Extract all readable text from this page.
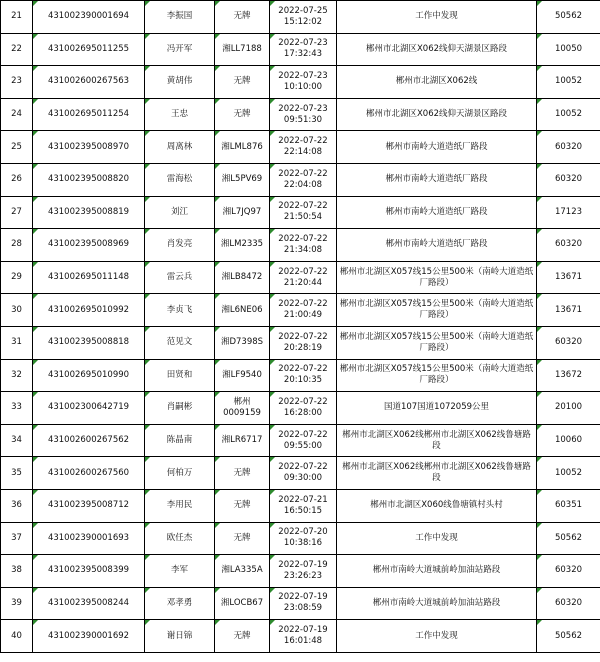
21	431002390001694	李振国	无牌	2022-07-25
15:12:02	工作中发现	50562
22	431002695011255	冯开军	湘LL7188	2022-07-23
17:32:43	郴州市北湖区X062线仰天湖景区路段	10050
23	431002600267563	黄胡伟	无牌	2022-07-23
10:10:00	郴州市北湖区X062线	10052
24	431002695011254	王忠	无牌	2022-07-23
09:51:30	郴州市北湖区X062线仰天湖景区路段	10052
25	431002395008970	周离林	湘LML876	2022-07-22
22:14:08	郴州市南岭大道造纸厂路段	60320
26	431002395008820	雷海松	湘L5PV69	2022-07-22
22:04:08	郴州市南岭大道造纸厂路段	60320
27	431002395008819	刘江	湘L7JQ97	2022-07-22
21:50:54	郴州市南岭大道造纸厂路段	17123
28	431002395008969	肖发亮	湘LM2335	2022-07-22
21:34:08	郴州市南岭大道造纸厂路段	60320
29	431002695011148	雷云兵	湘LB8472	2022-07-22
21:20:44	郴州市北湖区X057线15公里500米（南岭大道造纸厂路段）	13671
30	431002695010992	李贞飞	湘L6NE06	2022-07-22
21:00:49	郴州市北湖区X057线15公里500米（南岭大道造纸厂路段）	13671
31	431002395008818	范见文	湘D7398S	2022-07-22
20:28:19	郴州市北湖区X057线15公里500米（南岭大道造纸厂路段）	60320
32	431002695010990	田贤和	湘LF9540	2022-07-22
20:10:35	郴州市北湖区X057线15公里500米（南岭大道造纸厂路段）	13672
33	431002300642719	肖嗣彬	郴州0009159	2022-07-22
16:28:00	国道107国道1072059公里	20100
34	431002600267562	陈晶南	湘LR6717	2022-07-22
09:55:00	郴州市北湖区X062线郴州市北湖区X062线鲁塘路段	10060
35	431002600267560	何柏万	无牌	2022-07-22
09:30:00	郴州市北湖区X062线郴州市北湖区X062线鲁塘路段	10052
36	431002395008712	李用民	无牌	2022-07-21
16:50:15	郴州市北湖区X060线鲁塘镇村头村	60351
37	431002390001693	欧任杰	无牌	2022-07-20
10:38:16	工作中发现	50562
38	431002395008399	李军	湘LA335A	2022-07-19
23:26:23	郴州市南岭大道城前岭加油站路段	60320
39	431002395008244	邓孝勇	湘LOCB67	2022-07-19
23:08:59	郴州市南岭大道城前岭加油站路段	60320
40	431002390001692	谢日锦	无牌	2022-07-19
16:01:48	工作中发现	50562
